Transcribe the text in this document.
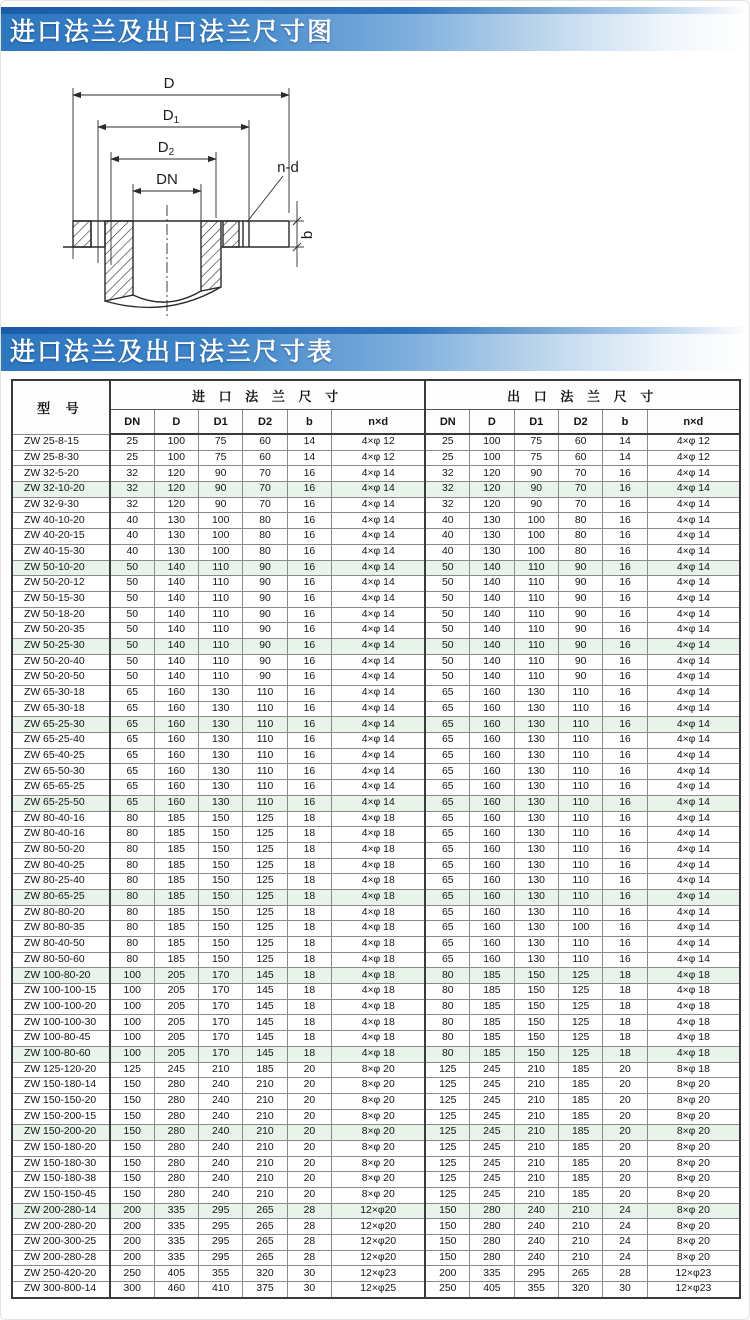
进口法兰及出口法兰尺寸图
D
$D_1$
$D_2$
DN
n-d
b
进口法兰及出口法兰尺寸表
型 号	进 口 法 兰 尺 寸						出 口 法 兰 尺 寸					
	DN	D	D1	D2	b	n×d	DN	D	D1	D2	b	n×d
ZW 25-8-15	25	100	75	60	14	4×φ 12	25	100	75	60	14	4×φ 12
ZW 25-8-30	25	100	75	60	14	4×φ 12	25	100	75	60	14	4×φ 12
ZW 32-5-20	32	120	90	70	16	4×φ 14	32	120	90	70	16	4×φ 14
ZW 32-10-20	32	120	90	70	16	4×φ 14	32	120	90	70	16	4×φ 14
ZW 32-9-30	32	120	90	70	16	4×φ 14	32	120	90	70	16	4×φ 14
ZW 40-10-20	40	130	100	80	16	4×φ 14	40	130	100	80	16	4×φ 14
ZW 40-20-15	40	130	100	80	16	4×φ 14	40	130	100	80	16	4×φ 14
ZW 40-15-30	40	130	100	80	16	4×φ 14	40	130	100	80	16	4×φ 14
ZW 50-10-20	50	140	110	90	16	4×φ 14	50	140	110	90	16	4×φ 14
ZW 50-20-12	50	140	110	90	16	4×φ 14	50	140	110	90	16	4×φ 14
ZW 50-15-30	50	140	110	90	16	4×φ 14	50	140	110	90	16	4×φ 14
ZW 50-18-20	50	140	110	90	16	4×φ 14	50	140	110	90	16	4×φ 14
ZW 50-20-35	50	140	110	90	16	4×φ 14	50	140	110	90	16	4×φ 14
ZW 50-25-30	50	140	110	90	16	4×φ 14	50	140	110	90	16	4×φ 14
ZW 50-20-40	50	140	110	90	16	4×φ 14	50	140	110	90	16	4×φ 14
ZW 50-20-50	50	140	110	90	16	4×φ 14	50	140	110	90	16	4×φ 14
ZW 65-30-18	65	160	130	110	16	4×φ 14	65	160	130	110	16	4×φ 14
ZW 65-30-18	65	160	130	110	16	4×φ 14	65	160	130	110	16	4×φ 14
ZW 65-25-30	65	160	130	110	16	4×φ 14	65	160	130	110	16	4×φ 14
ZW 65-25-40	65	160	130	110	16	4×φ 14	65	160	130	110	16	4×φ 14
ZW 65-40-25	65	160	130	110	16	4×φ 14	65	160	130	110	16	4×φ 14
ZW 65-50-30	65	160	130	110	16	4×φ 14	65	160	130	110	16	4×φ 14
ZW 65-65-25	65	160	130	110	16	4×φ 14	65	160	130	110	16	4×φ 14
ZW 65-25-50	65	160	130	110	16	4×φ 14	65	160	130	110	16	4×φ 14
ZW 80-40-16	80	185	150	125	18	4×φ 18	65	160	130	110	16	4×φ 14
ZW 80-40-16	80	185	150	125	18	4×φ 18	65	160	130	110	16	4×φ 14
ZW 80-50-20	80	185	150	125	18	4×φ 18	65	160	130	110	16	4×φ 14
ZW 80-40-25	80	185	150	125	18	4×φ 18	65	160	130	110	16	4×φ 14
ZW 80-25-40	80	185	150	125	18	4×φ 18	65	160	130	110	16	4×φ 14
ZW 80-65-25	80	185	150	125	18	4×φ 18	65	160	130	110	16	4×φ 14
ZW 80-80-20	80	185	150	125	18	4×φ 18	65	160	130	110	16	4×φ 14
ZW 80-80-35	80	185	150	125	18	4×φ 18	65	160	130	100	16	4×φ 14
ZW 80-40-50	80	185	150	125	18	4×φ 18	65	160	130	110	16	4×φ 14
ZW 80-50-60	80	185	150	125	18	4×φ 18	65	160	130	110	16	4×φ 14
ZW 100-80-20	100	205	170	145	18	4×φ 18	80	185	150	125	18	4×φ 18
ZW 100-100-15	100	205	170	145	18	4×φ 18	80	185	150	125	18	4×φ 18
ZW 100-100-20	100	205	170	145	18	4×φ 18	80	185	150	125	18	4×φ 18
ZW 100-100-30	100	205	170	145	18	4×φ 18	80	185	150	125	18	4×φ 18
ZW 100-80-45	100	205	170	145	18	4×φ 18	80	185	150	125	18	4×φ 18
ZW 100-80-60	100	205	170	145	18	4×φ 18	80	185	150	125	18	4×φ 18
ZW 125-120-20	125	245	210	185	20	8×φ 20	125	245	210	185	20	8×φ 18
ZW 150-180-14	150	280	240	210	20	8×φ 20	125	245	210	185	20	8×φ 20
ZW 150-150-20	150	280	240	210	20	8×φ 20	125	245	210	185	20	8×φ 20
ZW 150-200-15	150	280	240	210	20	8×φ 20	125	245	210	185	20	8×φ 20
ZW 150-200-20	150	280	240	210	20	8×φ 20	125	245	210	185	20	8×φ 20
ZW 150-180-20	150	280	240	210	20	8×φ 20	125	245	210	185	20	8×φ 20
ZW 150-180-30	150	280	240	210	20	8×φ 20	125	245	210	185	20	8×φ 20
ZW 150-180-38	150	280	240	210	20	8×φ 20	125	245	210	185	20	8×φ 20
ZW 150-150-45	150	280	240	210	20	8×φ 20	125	245	210	185	20	8×φ 20
ZW 200-280-14	200	335	295	265	28	12×φ20	150	280	240	210	24	8×φ 20
ZW 200-280-20	200	335	295	265	28	12×φ20	150	280	240	210	24	8×φ 20
ZW 200-300-25	200	335	295	265	28	12×φ20	150	280	240	210	24	8×φ 20
ZW 200-280-28	200	335	295	265	28	12×φ20	150	280	240	210	24	8×φ 20
ZW 250-420-20	250	405	355	320	30	12×φ23	200	335	295	265	28	12×φ23
ZW 300-800-14	300	460	410	375	30	12×φ25	250	405	355	320	30	12×φ23
